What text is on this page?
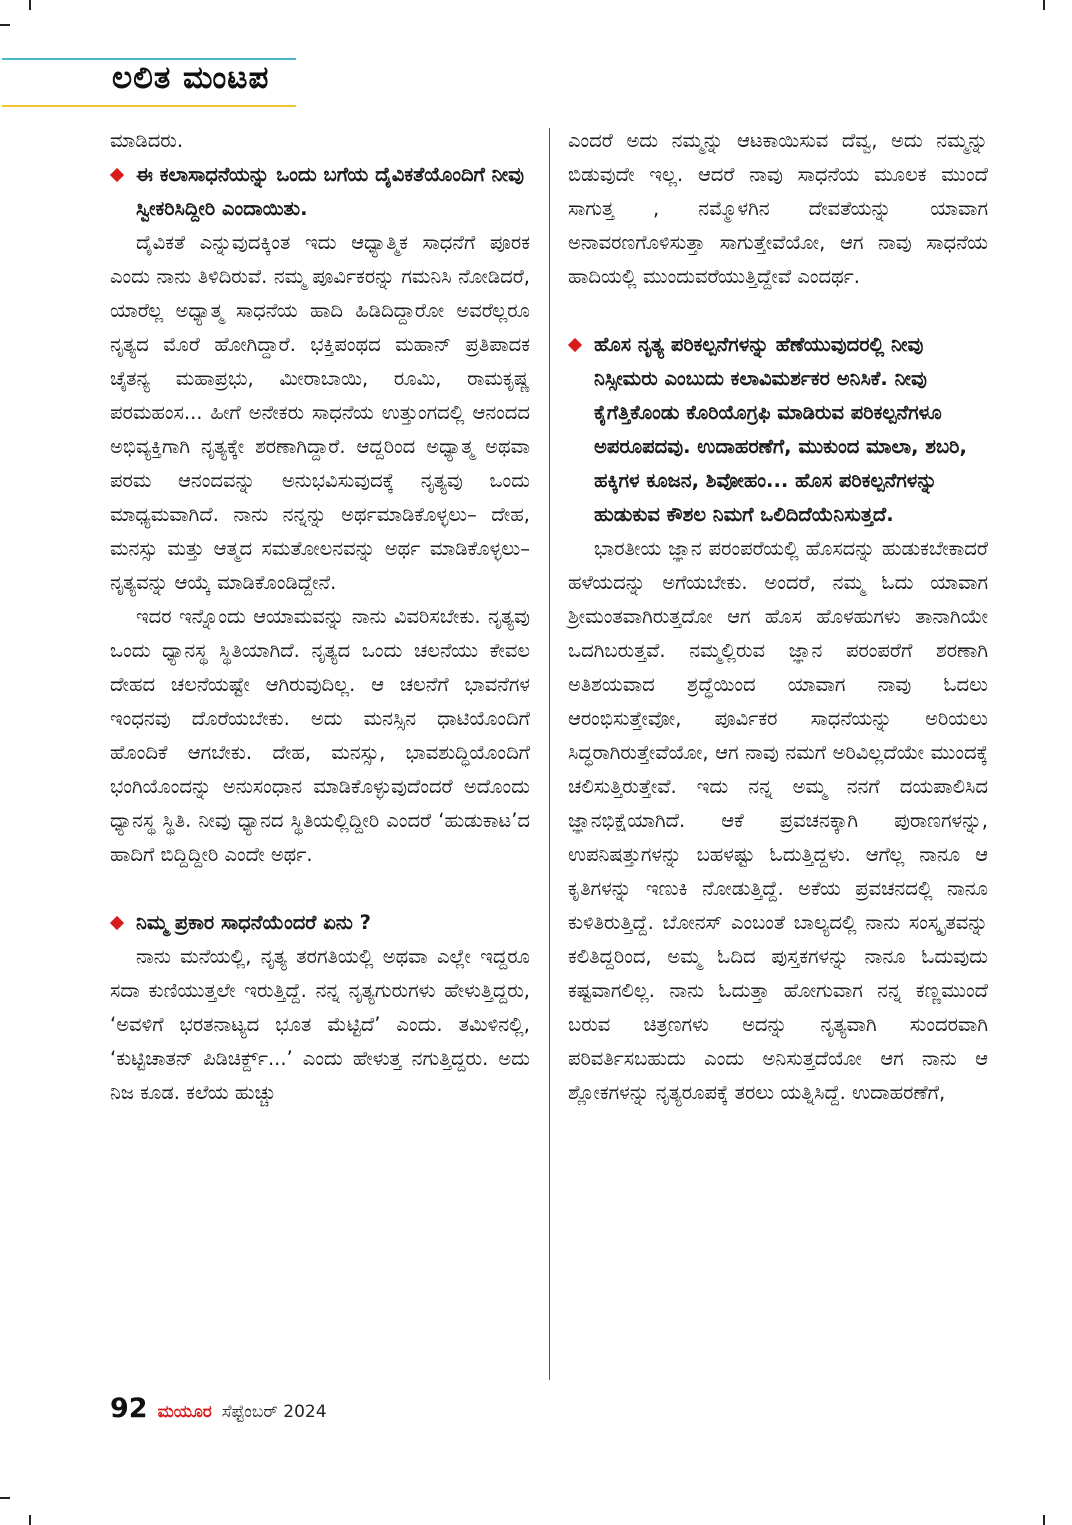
ಲಲಿತ ಮಂಟಪ

ಮಾಡಿದರು.

ಈ ಕಲಾಸಾಧನೆಯನ್ನು ಒಂದು ಬಗೆಯ ದೈವಿಕತೆಯೊಂದಿಗೆ ನೀವು ಸ್ವೀಕರಿಸಿದ್ದೀರಿ ಎಂದಾಯಿತು.

ದೈವಿಕತೆ ಎನ್ನುವುದಕ್ಕಿಂತ ಇದು ಆಧ್ಯಾತ್ಮಿಕ ಸಾಧನೆಗೆ ಪೂರಕ ಎಂದು ನಾನು ತಿಳಿದಿರುವೆ. ನಮ್ಮ ಪೂರ್ವಿಕರನ್ನು ಗಮನಿಸಿ ನೋಡಿದರೆ, ಯಾರೆಲ್ಲ ಅಧ್ಯಾತ್ಮ ಸಾಧನೆಯ ಹಾದಿ ಹಿಡಿದಿದ್ದಾರೋ ಅವರೆಲ್ಲರೂ ನೃತ್ಯದ ಮೊರೆ ಹೋಗಿದ್ದಾರೆ. ಭಕ್ತಿಪಂಥದ ಮಹಾನ್ ಪ್ರತಿಪಾದಕ ಚೈತನ್ಯ ಮಹಾಪ್ರಭು, ಮೀರಾಬಾಯಿ, ರೂಮಿ, ರಾಮಕೃಷ್ಣ ಪರಮಹಂಸ... ಹೀಗೆ ಅನೇಕರು ಸಾಧನೆಯ ಉತ್ತುಂಗದಲ್ಲಿ ಆನಂದದ ಅಭಿವ್ಯಕ್ತಿಗಾಗಿ ನೃತ್ಯಕ್ಕೇ ಶರಣಾಗಿದ್ದಾರೆ. ಆದ್ದರಿಂದ ಅಧ್ಯಾತ್ಮ ಅಥವಾ ಪರಮ ಆನಂದವನ್ನು ಅನುಭವಿಸುವುದಕ್ಕೆ ನೃತ್ಯವು ಒಂದು ಮಾಧ್ಯಮವಾಗಿದೆ. ನಾನು ನನ್ನನ್ನು ಅರ್ಥಮಾಡಿಕೊಳ್ಳಲು– ದೇಹ, ಮನಸ್ಸು ಮತ್ತು ಆತ್ಮದ ಸಮತೋಲನವನ್ನು ಅರ್ಥ ಮಾಡಿಕೊಳ್ಳಲು– ನೃತ್ಯವನ್ನು ಆಯ್ಕೆ ಮಾಡಿಕೊಂಡಿದ್ದೇನೆ.

ಇದರ ಇನ್ನೊಂದು ಆಯಾಮವನ್ನು ನಾನು ವಿವರಿಸಬೇಕು. ನೃತ್ಯವು ಒಂದು ಧ್ಯಾನಸ್ಥ ಸ್ಥಿತಿಯಾಗಿದೆ. ನೃತ್ಯದ ಒಂದು ಚಲನೆಯು ಕೇವಲ ದೇಹದ ಚಲನೆಯಷ್ಟೇ ಆಗಿರುವುದಿಲ್ಲ. ಆ ಚಲನೆಗೆ ಭಾವನೆಗಳ ಇಂಧನವು ದೊರೆಯಬೇಕು. ಅದು ಮನಸ್ಸಿನ ಧಾಟಿಯೊಂದಿಗೆ ಹೊಂದಿಕೆ ಆಗಬೇಕು. ದೇಹ, ಮನಸ್ಸು, ಭಾವಶುದ್ಧಿಯೊಂದಿಗೆ ಭಂಗಿಯೊಂದನ್ನು ಅನುಸಂಧಾನ ಮಾಡಿಕೊಳ್ಳುವುದೆಂದರೆ ಅದೊಂದು ಧ್ಯಾನಸ್ಥ ಸ್ಥಿತಿ. ನೀವು ಧ್ಯಾನದ ಸ್ಥಿತಿಯಲ್ಲಿದ್ದೀರಿ ಎಂದರೆ ‘ಹುಡುಕಾಟ’ದ ಹಾದಿಗೆ ಬಿದ್ದಿದ್ದೀರಿ ಎಂದೇ ಅರ್ಥ.

ನಿಮ್ಮ ಪ್ರಕಾರ ಸಾಧನೆಯೆಂದರೆ ಏನು ?

ನಾನು ಮನೆಯಲ್ಲಿ, ನೃತ್ಯ ತರಗತಿಯಲ್ಲಿ ಅಥವಾ ಎಲ್ಲೇ ಇದ್ದರೂ ಸದಾ ಕುಣಿಯುತ್ತಲೇ ಇರುತ್ತಿದ್ದೆ. ನನ್ನ ನೃತ್ಯಗುರುಗಳು ಹೇಳುತ್ತಿದ್ದರು, ‘ಅವಳಿಗೆ ಭರತನಾಟ್ಯದ ಭೂತ ಮೆಟ್ಟಿದೆ’ ಎಂದು. ತಮಿಳಿನಲ್ಲಿ, ‘ಕುಟ್ಟಿಚಾತನ್ ಪಿಡಿಚಿರ್ಕ್ದ್...’ ಎಂದು ಹೇಳುತ್ತ ನಗುತ್ತಿದ್ದರು. ಅದು ನಿಜ ಕೂಡ. ಕಲೆಯ ಹುಚ್ಚು

ಎಂದರೆ ಅದು ನಮ್ಮನ್ನು ಆಟಕಾಯಿಸುವ ದೆವ್ವ, ಅದು ನಮ್ಮನ್ನು ಬಿಡುವುದೇ ಇಲ್ಲ. ಆದರೆ ನಾವು ಸಾಧನೆಯ ಮೂಲಕ ಮುಂದೆ ಸಾಗುತ್ತ , ನಮ್ಮೊಳಗಿನ ದೇವತೆಯನ್ನು ಯಾವಾಗ ಅನಾವರಣಗೊಳಿಸುತ್ತಾ ಸಾಗುತ್ತೇವೆಯೋ, ಆಗ ನಾವು ಸಾಧನೆಯ ಹಾದಿಯಲ್ಲಿ ಮುಂದುವರೆಯುತ್ತಿದ್ದೇವೆ ಎಂದರ್ಥ.

ಹೊಸ ನೃತ್ಯ ಪರಿಕಲ್ಪನೆಗಳನ್ನು ಹೆಣೆಯುವುದರಲ್ಲಿ ನೀವು ನಿಸ್ಸೀಮರು ಎಂಬುದು ಕಲಾವಿಮರ್ಶಕರ ಅನಿಸಿಕೆ. ನೀವು ಕೈಗೆತ್ತಿಕೊಂಡು ಕೊರಿಯೊಗ್ರಫಿ ಮಾಡಿರುವ ಪರಿಕಲ್ಪನೆಗಳೂ ಅಪರೂಪದವು. ಉದಾಹರಣೆಗೆ, ಮುಕುಂದ ಮಾಲಾ, ಶಬರಿ, ಹಕ್ಕಿಗಳ ಕೂಜನ, ಶಿವೋಹಂ... ಹೊಸ ಪರಿಕಲ್ಪನೆಗಳನ್ನು ಹುಡುಕುವ ಕೌಶಲ ನಿಮಗೆ ಒಲಿದಿದೆಯೆನಿಸುತ್ತದೆ.

ಭಾರತೀಯ ಜ್ಞಾನ ಪರಂಪರೆಯಲ್ಲಿ ಹೊಸದನ್ನು ಹುಡುಕಬೇಕಾದರೆ ಹಳೆಯದನ್ನು ಅಗೆಯಬೇಕು. ಅಂದರೆ, ನಮ್ಮ ಓದು ಯಾವಾಗ ಶ್ರೀಮಂತವಾಗಿರುತ್ತದೋ ಆಗ ಹೊಸ ಹೊಳಹುಗಳು ತಾನಾಗಿಯೇ ಒದಗಿಬರುತ್ತವೆ. ನಮ್ಮಲ್ಲಿರುವ ಜ್ಞಾನ ಪರಂಪರೆಗೆ ಶರಣಾಗಿ ಅತಿಶಯವಾದ ಶ್ರದ್ಧೆಯಿಂದ ಯಾವಾಗ ನಾವು ಓದಲು ಆರಂಭಿಸುತ್ತೇವೋ, ಪೂರ್ವಿಕರ ಸಾಧನೆಯನ್ನು ಅರಿಯಲು ಸಿದ್ಧರಾಗಿರುತ್ತೇವೆಯೋ, ಆಗ ನಾವು ನಮಗೆ ಅರಿವಿಲ್ಲದೆಯೇ ಮುಂದಕ್ಕೆ ಚಲಿಸುತ್ತಿರುತ್ತೇವೆ. ಇದು ನನ್ನ ಅಮ್ಮ ನನಗೆ ದಯಪಾಲಿಸಿದ ಜ್ಞಾನಭಿಕ್ಷೆಯಾಗಿದೆ. ಆಕೆ ಪ್ರವಚನಕ್ಕಾಗಿ ಪುರಾಣಗಳನ್ನು, ಉಪನಿಷತ್ತುಗಳನ್ನು ಬಹಳಷ್ಟು ಓದುತ್ತಿದ್ದಳು. ಆಗೆಲ್ಲ ನಾನೂ ಆ ಕೃತಿಗಳನ್ನು ಇಣುಕಿ ನೋಡುತ್ತಿದ್ದೆ. ಅಕೆಯ ಪ್ರವಚನದಲ್ಲಿ ನಾನೂ ಕುಳಿತಿರುತ್ತಿದ್ದೆ. ಬೋನಸ್ ಎಂಬಂತೆ ಬಾಲ್ಯದಲ್ಲಿ ನಾನು ಸಂಸ್ಕೃತವನ್ನು ಕಲಿತಿದ್ದರಿಂದ, ಅಮ್ಮ ಓದಿದ ಪುಸ್ತಕಗಳನ್ನು ನಾನೂ ಓದುವುದು ಕಷ್ಟವಾಗಲಿಲ್ಲ. ನಾನು ಓದುತ್ತಾ ಹೋಗುವಾಗ ನನ್ನ ಕಣ್ಣಮುಂದೆ ಬರುವ ಚಿತ್ರಣಗಳು ಅದನ್ನು ನೃತ್ಯವಾಗಿ ಸುಂದರವಾಗಿ ಪರಿವರ್ತಿಸಬಹುದು ಎಂದು ಅನಿಸುತ್ತದೆಯೋ ಆಗ ನಾನು ಆ ಶ್ಲೋಕಗಳನ್ನು ನೃತ್ಯರೂಪಕ್ಕೆ ತರಲು ಯತ್ನಿಸಿದ್ದೆ. ಉದಾಹರಣೆಗೆ,

92 ಮಯೂರ ಸೆಪ್ಟೆಂಬರ್ 2024
